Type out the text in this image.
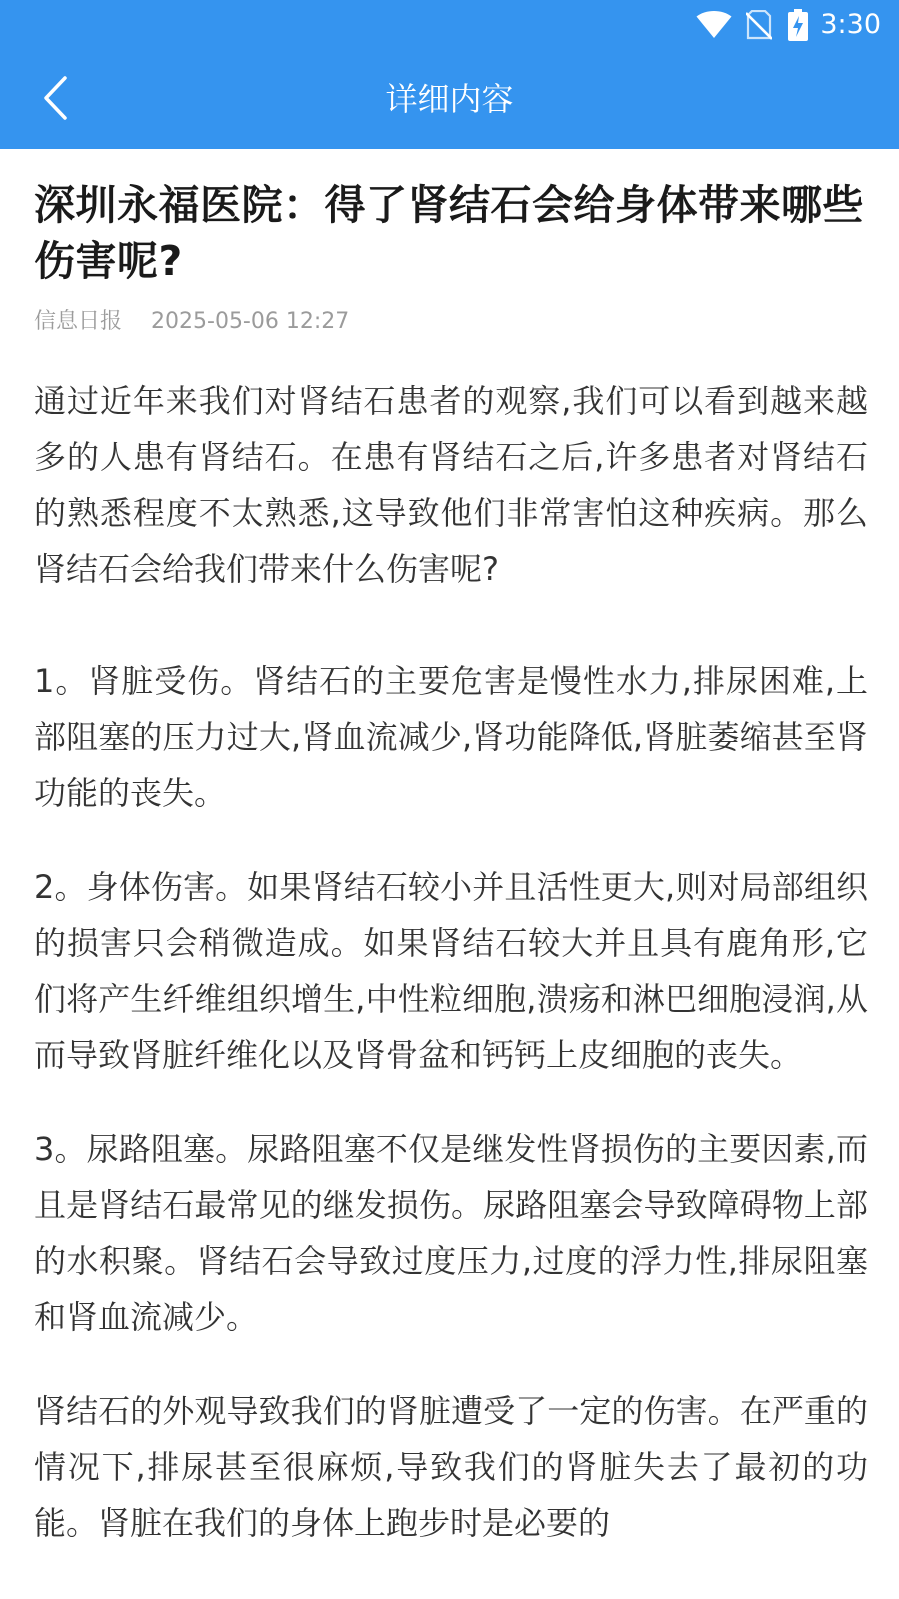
3:30
详细内容
深圳永福医院：得了肾结石会给身体带来哪些伤害呢?
信息日报 2025-05-06 12:27

通过近年来我们对肾结石患者的观察,我们可以看到越来越多的人患有肾结石。在患有肾结石之后,许多患者对肾结石的熟悉程度不太熟悉,这导致他们非常害怕这种疾病。那么肾结石会给我们带来什么伤害呢?

1。肾脏受伤。肾结石的主要危害是慢性水力,排尿困难,上部阻塞的压力过大,肾血流减少,肾功能降低,肾脏萎缩甚至肾功能的丧失。

2。身体伤害。如果肾结石较小并且活性更大,则对局部组织的损害只会稍微造成。如果肾结石较大并且具有鹿角形,它们将产生纤维组织增生,中性粒细胞,溃疡和淋巴细胞浸润,从而导致肾脏纤维化以及肾骨盆和钙钙上皮细胞的丧失。

3。尿路阻塞。尿路阻塞不仅是继发性肾损伤的主要因素,而且是肾结石最常见的继发损伤。尿路阻塞会导致障碍物上部的水积聚。肾结石会导致过度压力,过度的浮力性,排尿阻塞和肾血流减少。

肾结石的外观导致我们的肾脏遭受了一定的伤害。在严重的情况下,排尿甚至很麻烦,导致我们的肾脏失去了最初的功能。肾脏在我们的身体上跑步时是必要的
